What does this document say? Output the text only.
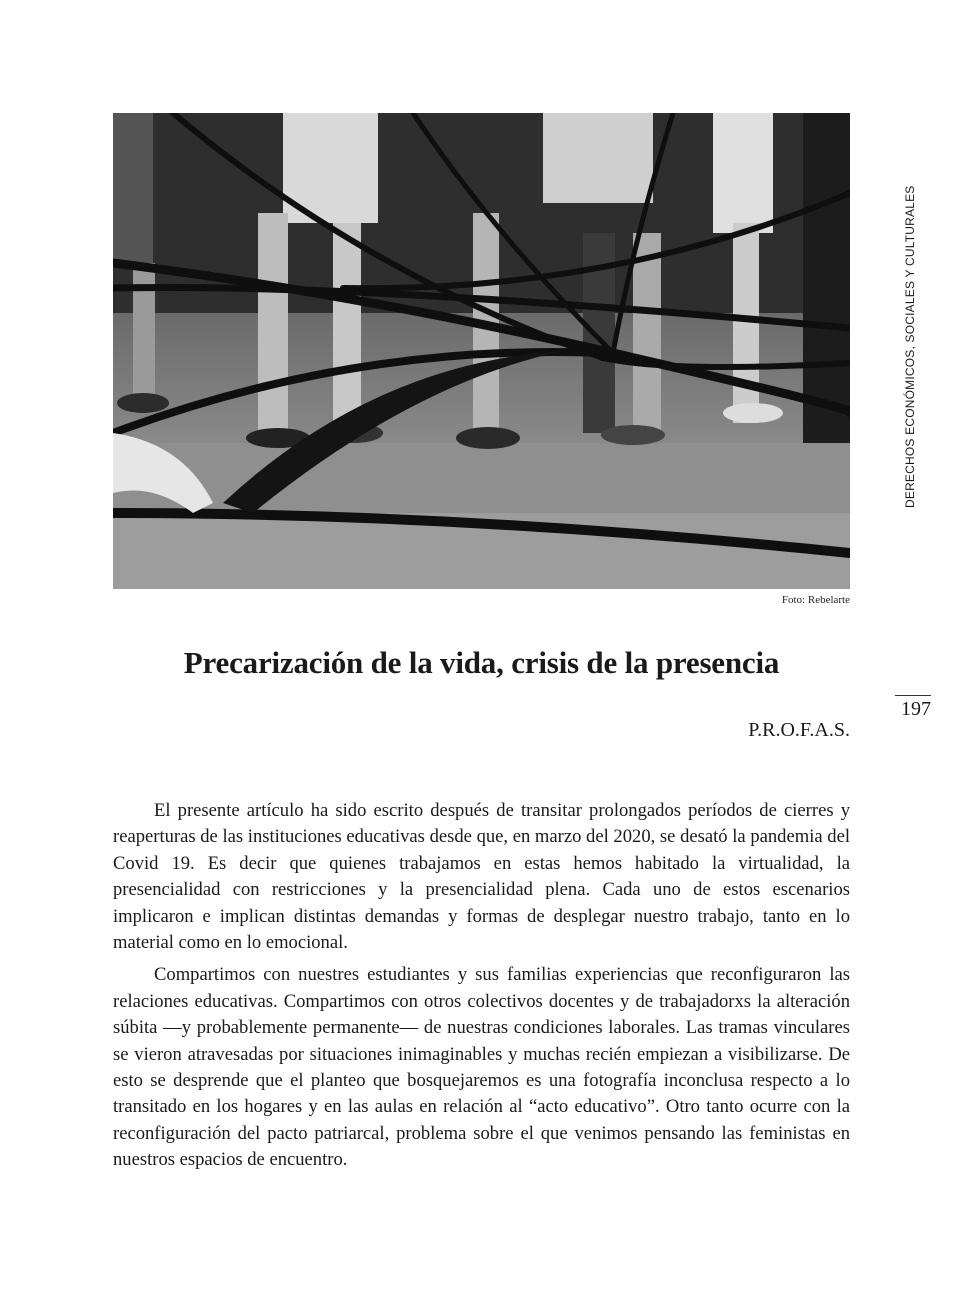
Foto: Rebelarte
Precarización de la vida, crisis de la presencia
P.R.O.F.A.S.
DERECHOS ECONÓMICOS, SOCIALES Y CULTURALES
197

El presente artículo ha sido escrito después de transitar prolongados períodos de cierres y reaperturas de las instituciones educativas desde que, en marzo del 2020, se desató la pandemia del Covid 19. Es decir que quienes trabajamos en estas hemos habitado la virtualidad, la presencialidad con restricciones y la presencialidad plena. Cada uno de estos escenarios implicaron e implican distintas demandas y formas de desplegar nuestro trabajo, tanto en lo material como en lo emocional.

Compartimos con nuestres estudiantes y sus familias experiencias que reconfiguraron las relaciones educativas. Compartimos con otros colectivos docentes y de trabajadorxs la alteración súbita —y probablemente permanente— de nuestras condiciones laborales. Las tramas vinculares se vieron atravesadas por situaciones inimaginables y muchas recién empiezan a visibilizarse. De esto se desprende que el planteo que bosquejaremos es una fotografía inconclusa respecto a lo transitado en los hogares y en las aulas en relación al “acto educativo”. Otro tanto ocurre con la reconfiguración del pacto patriarcal, problema sobre el que venimos pensando las feministas en nuestros espacios de encuentro.
